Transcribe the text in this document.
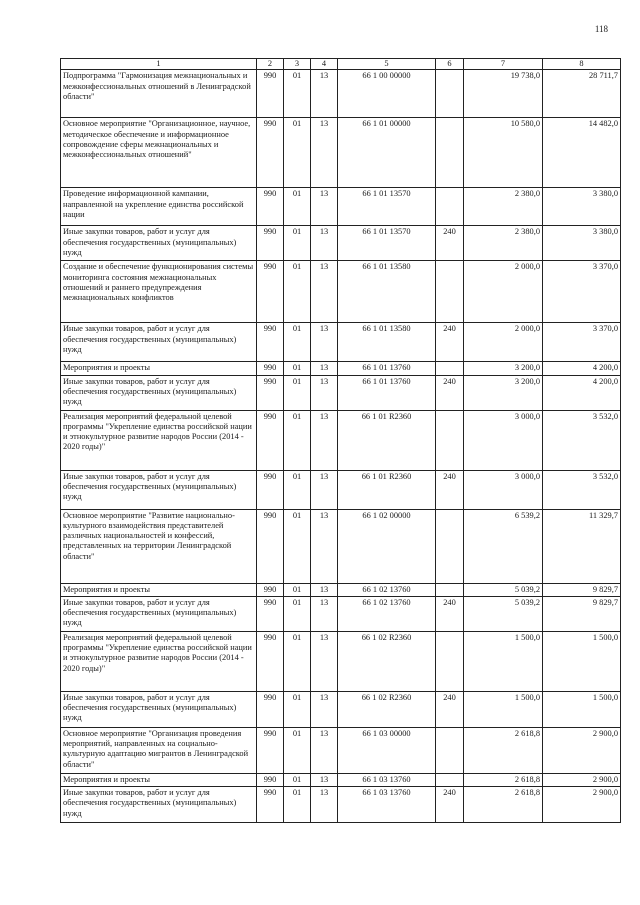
118
1	2	3	4	5	6	7	8
Подпрограмма "Гармонизация межнациональных и межконфессиональных отношений в Ленинградской области"	990	01	13	66 1 00 00000		19 738,0	28 711,7
Основное мероприятие "Организационное, научное, методическое обеспечение и информационное сопровождение сферы межнациональных и межконфессиональных отношений"	990	01	13	66 1 01 00000		10 580,0	14 482,0
Проведение информационной кампании, направленной на укрепление единства российской нации	990	01	13	66 1 01 13570		2 380,0	3 380,0
Иные закупки товаров, работ и услуг для обеспечения государственных (муниципальных) нужд	990	01	13	66 1 01 13570	240	2 380,0	3 380,0
Создание и обеспечение функционирования системы мониторинга состояния межнациональных отношений и раннего предупреждения межнациональных конфликтов	990	01	13	66 1 01 13580		2 000,0	3 370,0
Иные закупки товаров, работ и услуг для обеспечения государственных (муниципальных) нужд	990	01	13	66 1 01 13580	240	2 000,0	3 370,0
Мероприятия и проекты	990	01	13	66 1 01 13760		3 200,0	4 200,0
Иные закупки товаров, работ и услуг для обеспечения государственных (муниципальных) нужд	990	01	13	66 1 01 13760	240	3 200,0	4 200,0
Реализация мероприятий федеральной целевой программы "Укрепление единства российской нации и этнокультурное развитие народов России (2014 - 2020 годы)"	990	01	13	66 1 01 R2360		3 000,0	3 532,0
Иные закупки товаров, работ и услуг для обеспечения государственных (муниципальных) нужд	990	01	13	66 1 01 R2360	240	3 000,0	3 532,0
Основное мероприятие "Развитие национально-культурного взаимодействия представителей различных национальностей и конфессий, представленных на территории Ленинградской области"	990	01	13	66 1 02 00000		6 539,2	11 329,7
Мероприятия и проекты	990	01	13	66 1 02 13760		5 039,2	9 829,7
Иные закупки товаров, работ и услуг для обеспечения государственных (муниципальных) нужд	990	01	13	66 1 02 13760	240	5 039,2	9 829,7
Реализация мероприятий федеральной целевой программы "Укрепление единства российской нации и этнокультурное развитие народов России (2014 - 2020 годы)"	990	01	13	66 1 02 R2360		1 500,0	1 500,0
Иные закупки товаров, работ и услуг для обеспечения государственных (муниципальных) нужд	990	01	13	66 1 02 R2360	240	1 500,0	1 500,0
Основное мероприятие "Организация проведения мероприятий, направленных на социально-культурную адаптацию мигрантов в Ленинградской области"	990	01	13	66 1 03 00000		2 618,8	2 900,0
Мероприятия и проекты	990	01	13	66 1 03 13760		2 618,8	2 900,0
Иные закупки товаров, работ и услуг для обеспечения государственных (муниципальных) нужд	990	01	13	66 1 03 13760	240	2 618,8	2 900,0
